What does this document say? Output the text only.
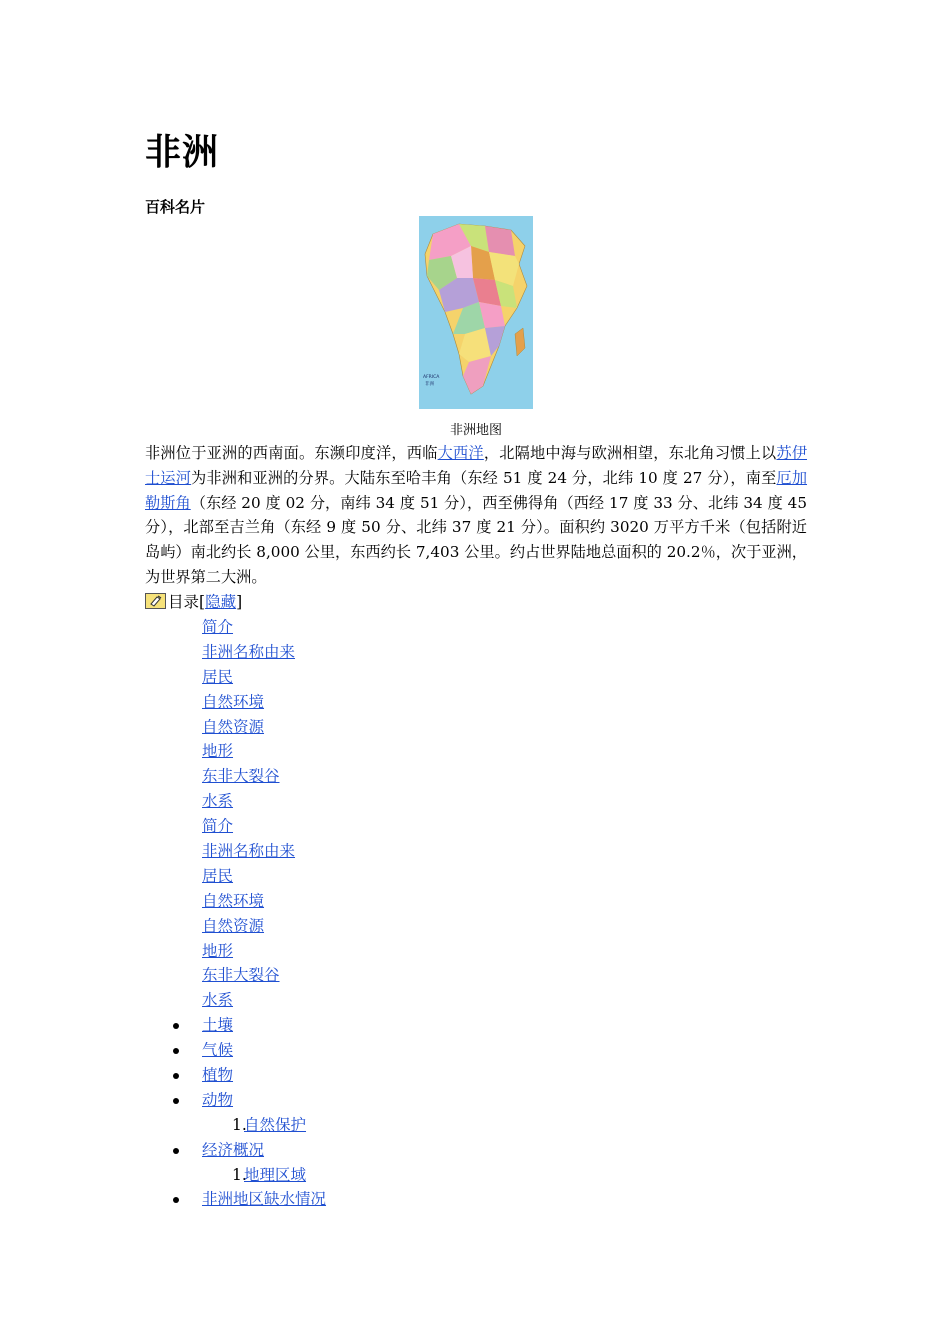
非洲
百科名片
AFRICA
非洲
非洲地图

非洲位于亚洲的西南面。东濒印度洋，西临大西洋，北隔地中海与欧洲相望，东北角习惯上以苏伊士运河为非洲和亚洲的分界。大陆东至哈丰角（东经 51 度 24 分，北纬 10 度 27 分），南至厄加勒斯角（东经 20 度 02 分，南纬 34 度 51 分），西至佛得角（西经 17 度 33 分、北纬 34 度 45 分），北部至吉兰角（东经 9 度 50 分、北纬 37 度 21 分）。面积约 3020 万平方千米（包括附近岛屿）南北约长 8,000 公里，东西约长 7,403 公里。约占世界陆地总面积的 20.2％，次于亚洲，为世界第二大洲。

目录[隐藏]
简介
非洲名称由来
居民
自然环境
自然资源
地形
东非大裂谷
水系
简介
非洲名称由来
居民
自然环境
自然资源
地形
东非大裂谷
水系
土壤
气候
植物
动物
1.
自然保护
经济概况
1.
地理区域
非洲地区缺水情况
